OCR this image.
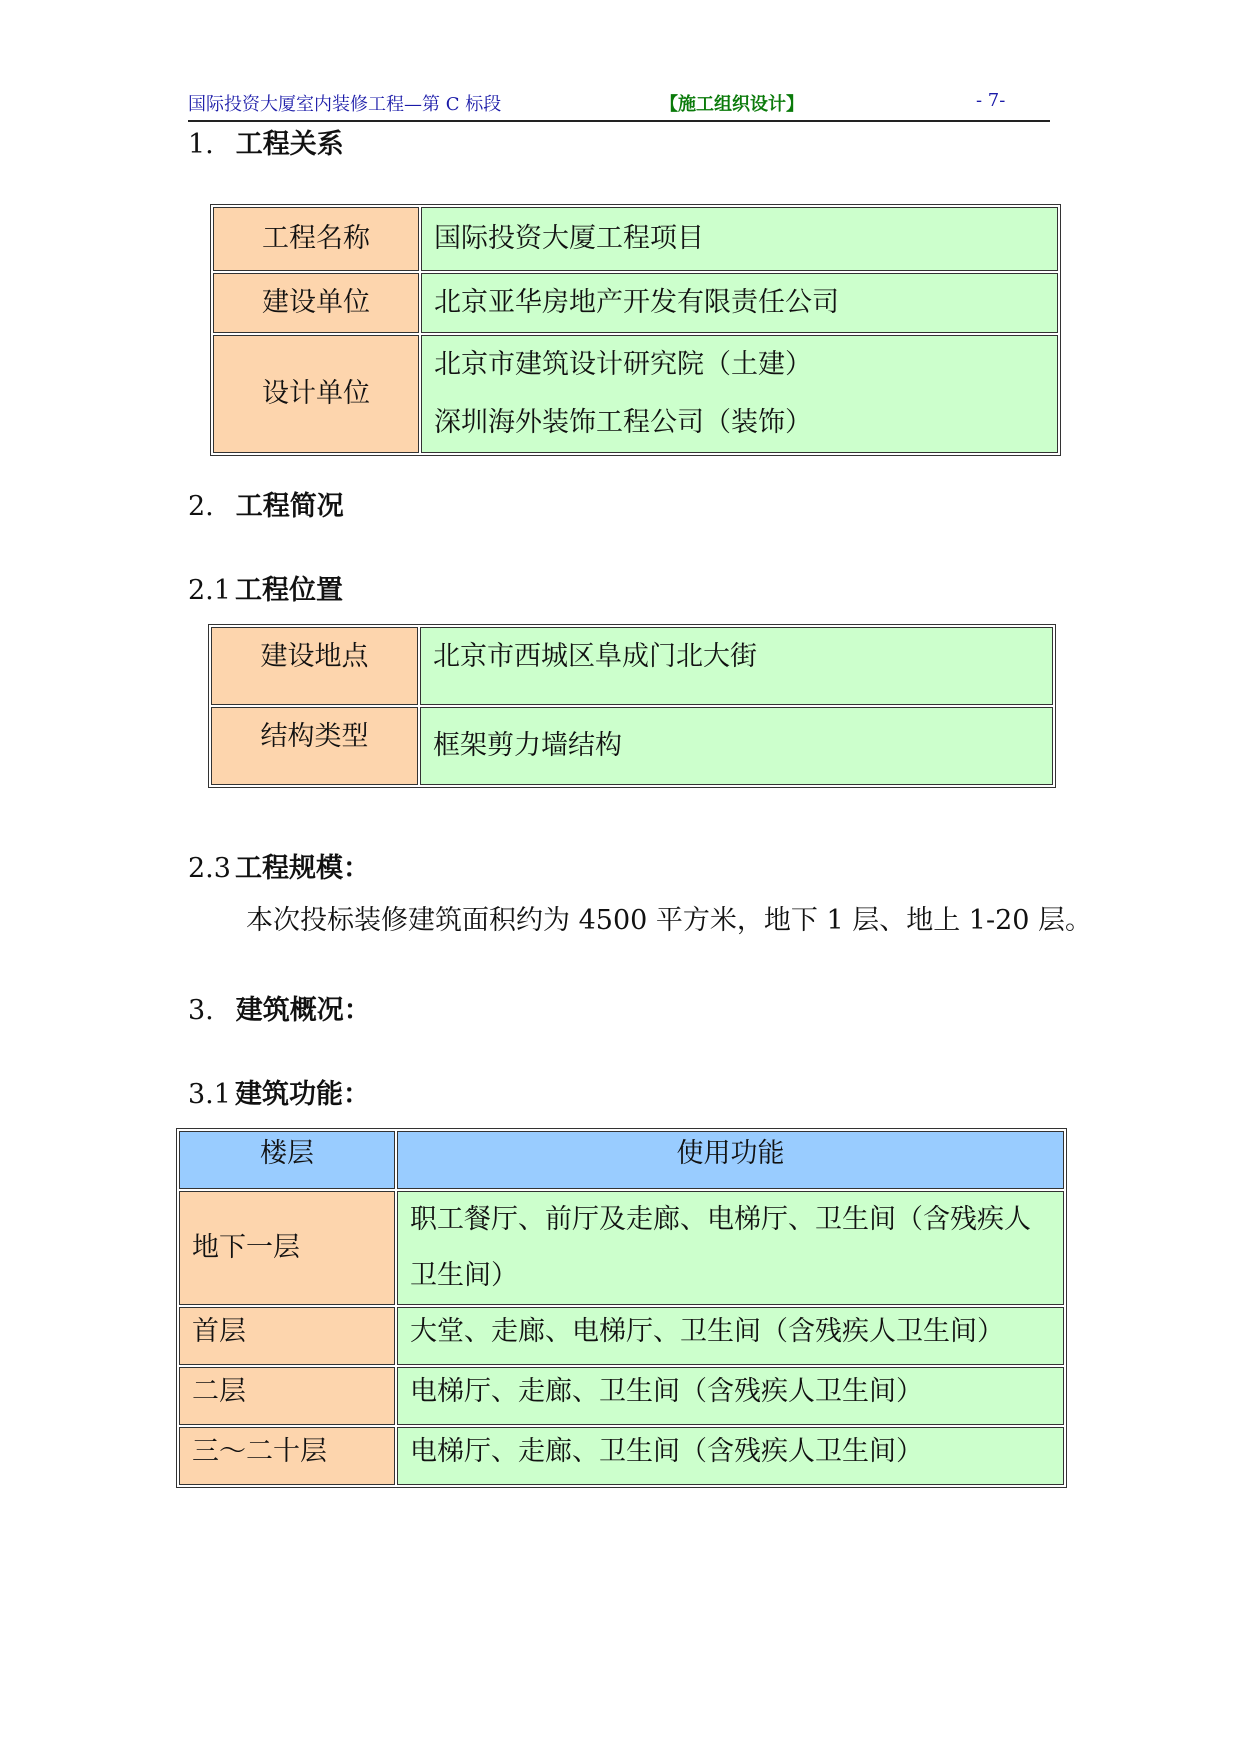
国际投资大厦室内装修工程—第 C 标段	【施工组织设计】	- 7-
1. 工程关系
工程名称	国际投资大厦工程项目
建设单位	北京亚华房地产开发有限责任公司
设计单位	北京市建筑设计研究院（土建）
深圳海外装饰工程公司（装饰）
2. 工程简况
2.1 工程位置
建设地点	北京市西城区阜成门北大街
结构类型	框架剪力墙结构
2.3 工程规模：

本次投标装修建筑面积约为 4500 平方米，地下 1 层、地上 1-20 层。

3. 建筑概况：
3.1 建筑功能：
楼层	使用功能
地下一层	职工餐厅、前厅及走廊、电梯厅、卫生间（含残疾人卫生间）
首层	大堂、走廊、电梯厅、卫生间（含残疾人卫生间）
二层	电梯厅、走廊、卫生间（含残疾人卫生间）
三～二十层	电梯厅、走廊、卫生间（含残疾人卫生间）
